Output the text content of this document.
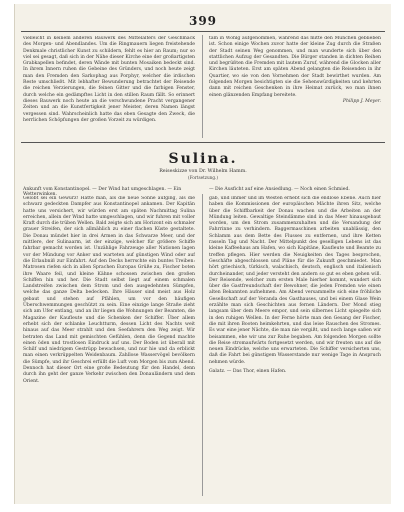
399

vielleicht in keinem anderen Bauwerk des Mittelalters der Geschmack des Morgen- und Abendlandes. Um die Ringmauern liegen freistehende Denkmale christlicher Kunst zu schildern, fehlt es hier an Raum; nur so viel sei gesagt, daß sich in der Nähe dieser Kirche eine der großartigsten Grabkapellen befindet, deren Wände mit bunten Mosaiken bedeckt sind. In ihrem Innern ruhen die Gebeine des Gründers, und noch heute zeigt man den Fremden den Sarkophag aus Porphyr, welcher die irdischen Reste umschließt. Mit lebhafter Bewunderung betrachtet der Reisende die reichen Verzierungen, die feinen Gitter und die farbigen Fenster, durch welche ein gedämpftes Licht in den stillen Raum fällt. So erinnert dieses Bauwerk noch heute an die verschwundene Pracht vergangener Zeiten und an die Kunstfertigkeit jener Meister, deren Namen längst vergessen sind. Wahrscheinlich hatte das eben Gesagte den Zweck, die herrlichen Schöpfungen der großen Vorzeit zu würdigen.

tam in Wohlg aufgenommen, während das mitte den München geblieben ist. Schon einige Wochen zuvor hatte der kleine Zug durch die Straßen der Stadt seinen Weg genommen, und man wunderte sich über den stattlichen Aufzug der Gesandten. Die Bürger standen in dichten Reihen und begrüßten die Fremden mit lautem Zuruf, während die Glocken aller Kirchen läuteten. Erst am späten Abend gelangten die Reisenden in ihr Quartier, wo sie von den Vornehmen der Stadt bewirthet wurden. Am folgenden Morgen besichtigten sie die Sehenswürdigkeiten und kehrten dann mit reichen Geschenken in ihre Heimat zurück, wo man ihnen einen glänzenden Empfang bereitete.

Philipp J. Meyer.

Sulina.
Reiseskizze von Dr. Wilhelm Hamm.
(Fortsetzung.)
Ankunft vom Konstantinopel. — Der Wind hat umgeschlagen. — Ein Wetterwinken.
— Die Ausficht auf eine Ansiedlung. — Noch einen Schmied.

Gelobt sei ein Gewürz! Hatte man, als die neue Sonne aufging, als die schwarz gedeckten Dampfer aus Konstantinopel ankamen. Der Kapitän hatte uns versichert, wir würden erst am späten Nachmittag Sulina erreichen, allein der Wind hatte umgeschlagen, und wir fuhren mit voller Kraft durch die trüben Wellen. Bald zeigte sich am Horizont ein schmaler grauer Streifen, der sich allmählich zu einer flachen Küste gestaltete. Die Donau mündet hier in drei Armen in das Schwarze Meer, und der mittlere, der Sulinaarm, ist der einzige, welcher für größere Schiffe fahrbar gemacht worden ist. Unzählige Fahrzeuge aller Nationen lagen vor der Mündung vor Anker und warteten auf günstigen Wind oder auf die Erlaubniß zur Einfahrt. Auf den Decks herrschte ein buntes Treiben: Matrosen riefen sich in allen Sprachen Europas Grüße zu, Fischer boten ihre Waare feil, und kleine Kähne schossen zwischen den großen Schiffen hin und her. Die Stadt selbst liegt auf einem schmalen Landstreifen zwischen dem Strom und den ausgedehnten Sümpfen, welche das ganze Delta bedecken. Ihre Häuser sind meist aus Holz gebaut und stehen auf Pfählen, um vor den häufigen Überschwemmungen geschützt zu sein. Eine einzige lange Straße zieht sich am Ufer entlang, und an ihr liegen die Wohnungen der Beamten, die Magazine der Kaufleute und die Schenken der Schiffer. Über allem erhebt sich der schlanke Leuchtturm, dessen Licht des Nachts weit hinaus auf das Meer strahlt und den Seefahrern den Weg zeigt. Wir betraten das Land mit gemischten Gefühlen, denn die Gegend machte einen öden und trostlosen Eindruck auf uns. Der Boden ist überall mit Schilf und niedrigem Gestrüpp bewachsen, und nur hie und da erblickt man einen verkrüppelten Weidenbaum. Zahllose Wasservögel bevölkern die Sümpfe, und ihr Geschrei erfüllt die Luft vom Morgen bis zum Abend. Dennoch hat dieser Ort eine große Bedeutung für den Handel, denn durch ihn geht der ganze Verkehr zwischen den Donauländern und dem Orient.

gab, und immer und im Westen erhebt sich die endlose Ebene. Auch hier haben die Kommissionen der europäischen Mächte ihren Sitz, welche über die Schiffbarkeit der Donau wachen und die Arbeiten an der Mündung leiten. Gewaltige Steindämme sind in das Meer hinausgebaut worden, um den Strom zusammenzuhalten und die Versandung der Fahrrinne zu verhindern. Baggermaschinen arbeiten unablässig, den Schlamm aus dem Bette des Flusses zu entfernen, und ihre Ketten rasseln Tag und Nacht. Der Mittelpunkt des geselligen Lebens ist das kleine Kaffeehaus am Hafen, wo sich Kapitäne, Kaufleute und Beamte zu treffen pflegen. Hier werden die Neuigkeiten des Tages besprochen, Geschäfte abgeschlossen und Pläne für die Zukunft geschmiedet. Man hört griechisch, türkisch, walachisch, deutsch, englisch und italienisch durcheinander, und jeder versteht den andern so gut es eben gehen will. Der Reisende, welcher zum ersten Male hierher kommt, wundert sich über die Gastfreundschaft der Bewohner, die jeden Fremden wie einen alten Bekannten aufnehmen. Am Abend versammelte sich eine fröhliche Gesellschaft auf der Veranda des Gasthauses, und bei einem Glase Wein erzählte man sich Geschichten aus fernen Ländern. Der Mond stieg langsam über dem Meere empor, und sein silbernes Licht spiegelte sich in den ruhigen Wellen. In der Ferne hörte man den Gesang der Fischer, die mit ihren Booten heimkehrten, und das leise Rauschen des Stromes. Es war eine jener Nächte, die man nie vergißt, und noch lange saßen wir beisammen, ehe wir uns zur Ruhe begaben. Am folgenden Morgen sollte die Reise stromaufwärts fortgesetzt werden, und wir freuten uns auf die neuen Eindrücke, welche uns erwarteten. Die Schiffer versicherten uns, daß die Fahrt bei günstigem Wasserstande nur wenige Tage in Anspruch nehmen würde.

Galatz. — Das Thor, einen Hafen.
